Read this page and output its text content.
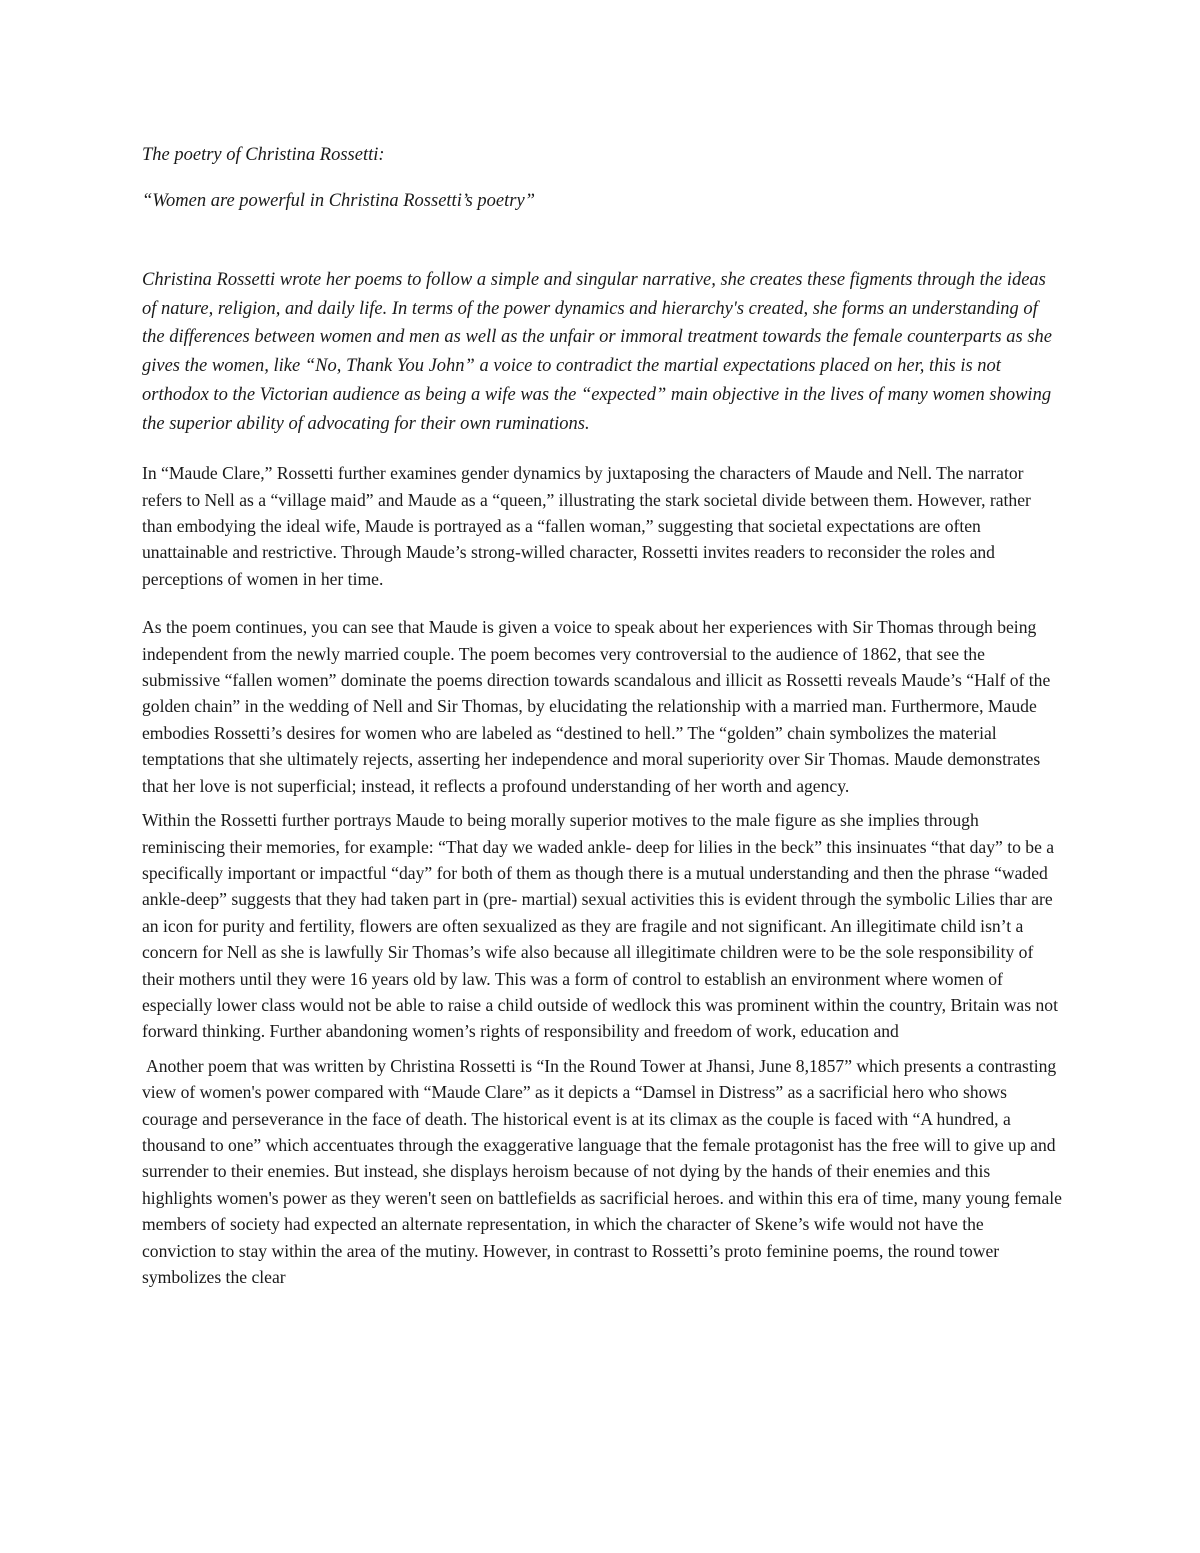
The poetry of Christina Rossetti:

“Women are powerful in Christina Rossetti’s poetry”

Christina Rossetti wrote her poems to follow a simple and singular narrative, she creates these figments through the ideas of nature, religion, and daily life. In terms of the power dynamics and hierarchy's created, she forms an understanding of the differences between women and men as well as the unfair or immoral treatment towards the female counterparts as she gives the women, like “No, Thank You John” a voice to contradict the martial expectations placed on her, this is not orthodox to the Victorian audience as being a wife was the “expected” main objective in the lives of many women showing the superior ability of advocating for their own ruminations.

In “Maude Clare,” Rossetti further examines gender dynamics by juxtaposing the characters of Maude and Nell. The narrator refers to Nell as a “village maid” and Maude as a “queen,” illustrating the stark societal divide between them. However, rather than embodying the ideal wife, Maude is portrayed as a “fallen woman,” suggesting that societal expectations are often unattainable and restrictive. Through Maude’s strong-willed character, Rossetti invites readers to reconsider the roles and perceptions of women in her time.

As the poem continues, you can see that Maude is given a voice to speak about her experiences with Sir Thomas through being independent from the newly married couple. The poem becomes very controversial to the audience of 1862, that see the submissive “fallen women” dominate the poems direction towards scandalous and illicit as Rossetti reveals Maude’s “Half of the golden chain” in the wedding of Nell and Sir Thomas, by elucidating the relationship with a married man. Furthermore, Maude embodies Rossetti’s desires for women who are labeled as “destined to hell.” The “golden” chain symbolizes the material temptations that she ultimately rejects, asserting her independence and moral superiority over Sir Thomas. Maude demonstrates that her love is not superficial; instead, it reflects a profound understanding of her worth and agency.

Within the Rossetti further portrays Maude to being morally superior motives to the male figure as she implies through reminiscing their memories, for example: “That day we waded ankle- deep for lilies in the beck” this insinuates “that day” to be a specifically important or impactful “day” for both of them as though there is a mutual understanding and then the phrase “waded ankle-deep” suggests that they had taken part in (pre- martial) sexual activities this is evident through the symbolic Lilies thar are an icon for purity and fertility, flowers are often sexualized as they are fragile and not significant. An illegitimate child isn’t a concern for Nell as she is lawfully Sir Thomas’s wife also because all illegitimate children were to be the sole responsibility of their mothers until they were 16 years old by law. This was a form of control to establish an environment where women of especially lower class would not be able to raise a child outside of wedlock this was prominent within the country, Britain was not forward thinking. Further abandoning women’s rights of responsibility and freedom of work, education and

Another poem that was written by Christina Rossetti is “In the Round Tower at Jhansi, June 8,1857” which presents a contrasting view of women's power compared with “Maude Clare” as it depicts a “Damsel in Distress” as a sacrificial hero who shows courage and perseverance in the face of death. The historical event is at its climax as the couple is faced with “A hundred, a thousand to one” which accentuates through the exaggerative language that the female protagonist has the free will to give up and surrender to their enemies. But instead, she displays heroism because of not dying by the hands of their enemies and this highlights women's power as they weren't seen on battlefields as sacrificial heroes. and within this era of time, many young female members of society had expected an alternate representation, in which the character of Skene’s wife would not have the conviction to stay within the area of the mutiny. However, in contrast to Rossetti’s proto feminine poems, the round tower symbolizes the clear
